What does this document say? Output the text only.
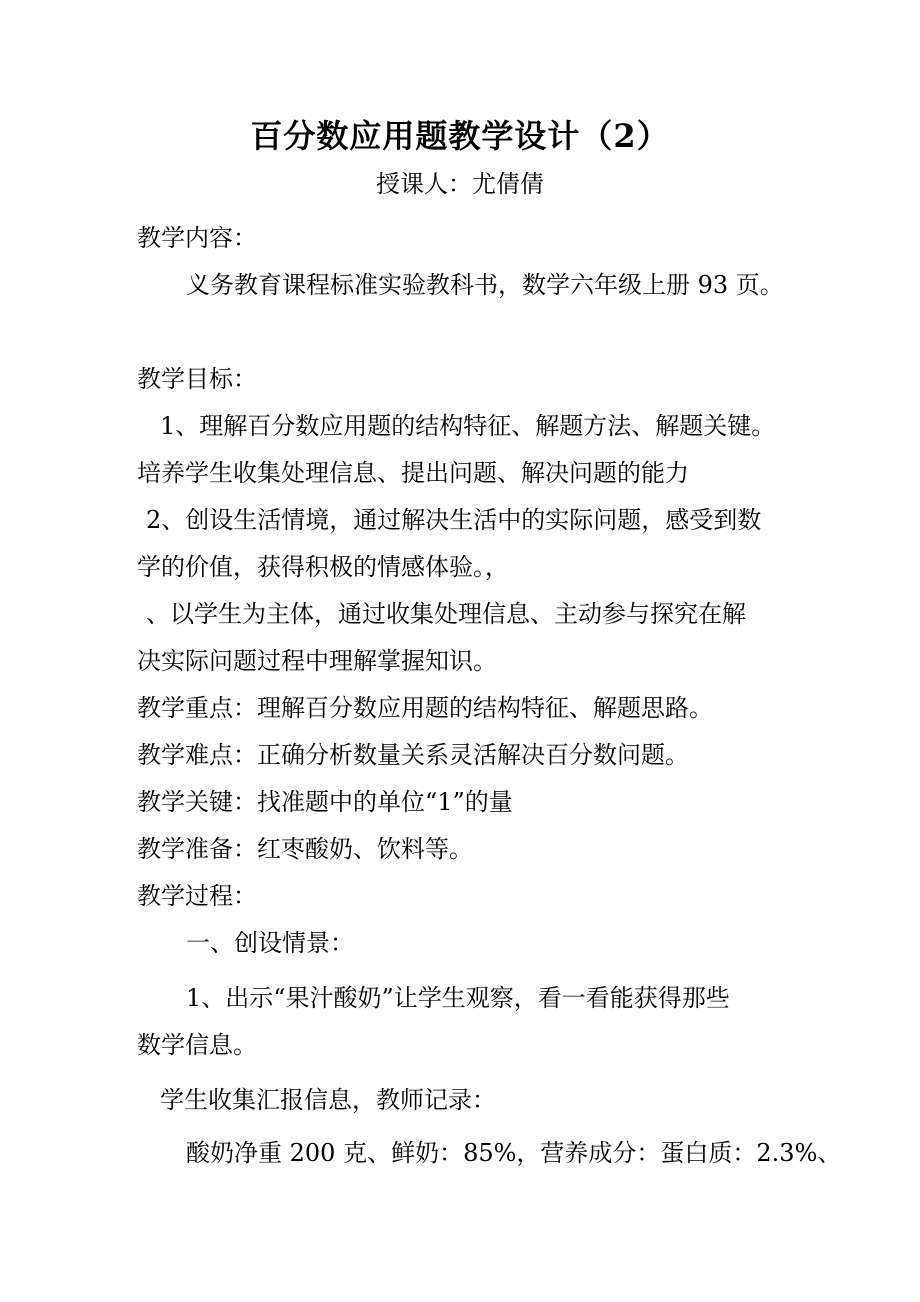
百分数应用题教学设计（2）
授课人：尤倩倩
教学内容：
义务教育课程标准实验教科书，数学六年级上册 93 页。
教学目标：
1、理解百分数应用题的结构特征、解题方法、解题关键。
培养学生收集处理信息、提出问题、解决问题的能力
2、创设生活情境，通过解决生活中的实际问题，感受到数
学的价值，获得积极的情感体验。，
、以学生为主体，通过收集处理信息、主动参与探究在解
决实际问题过程中理解掌握知识。
教学重点：理解百分数应用题的结构特征、解题思路。
教学难点：正确分析数量关系灵活解决百分数问题。
教学关键：找准题中的单位“1”的量
教学准备：红枣酸奶、饮料等。
教学过程：
一、创设情景：
1、出示“果汁酸奶”让学生观察，看一看能获得那些
数学信息。
学生收集汇报信息，教师记录：
酸奶净重 200 克、鲜奶：85%，营养成分：蛋白质：2.3%、
